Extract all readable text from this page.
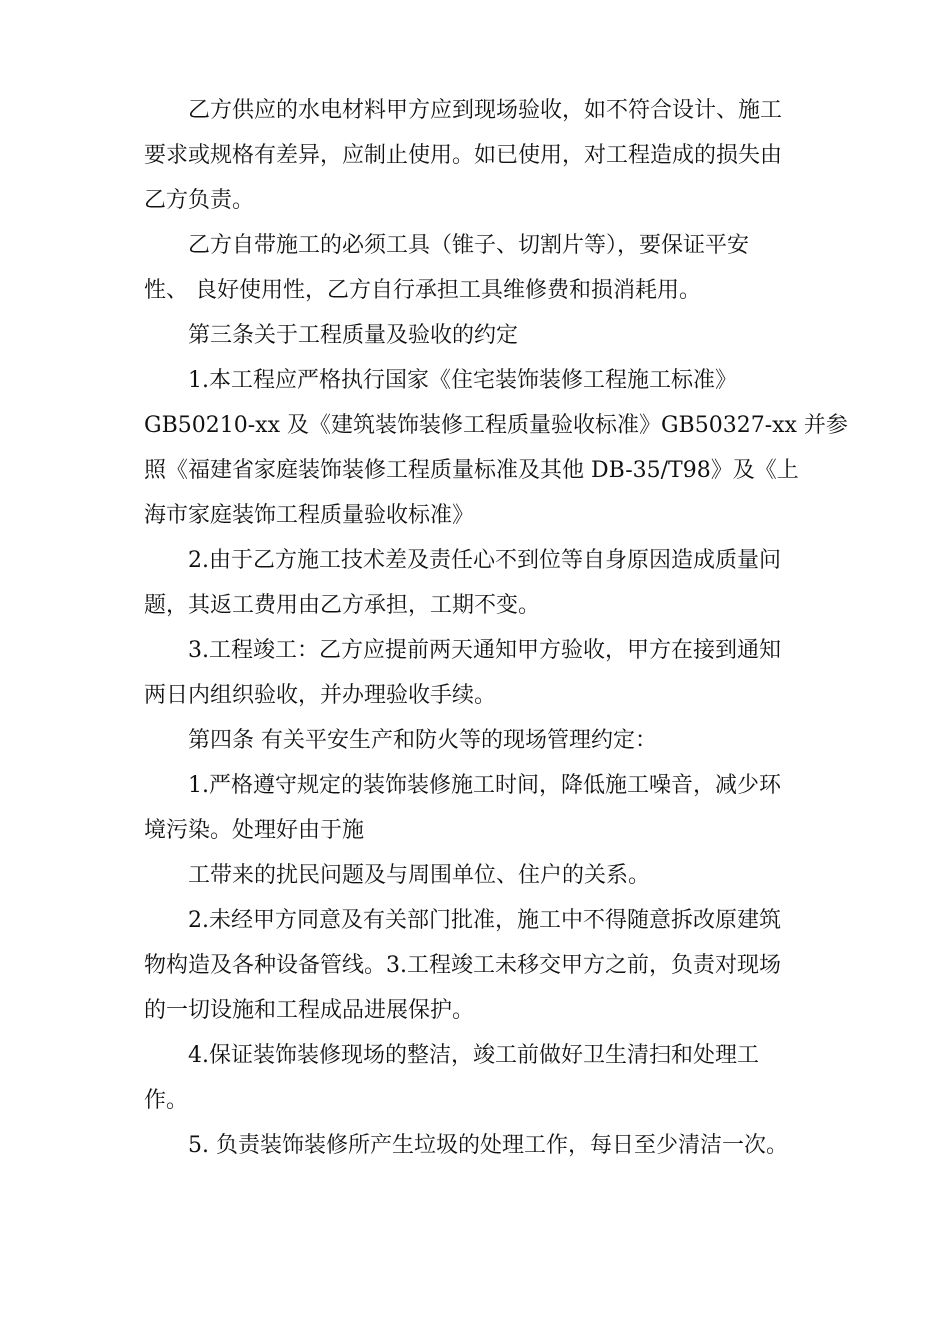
乙方供应的水电材料甲方应到现场验收，如不符合设计、施工
要求或规格有差异，应制止使用。如已使用，对工程造成的损失由
乙方负责。
乙方自带施工的必须工具（锥子、切割片等），要保证平安
性、 良好使用性，乙方自行承担工具维修费和损消耗用。
第三条关于工程质量及验收的约定
1.本工程应严格执行国家《住宅装饰装修工程施工标准》
GB50210-xx 及《建筑装饰装修工程质量验收标准》GB50327-xx 并参
照《福建省家庭装饰装修工程质量标准及其他 DB-35/T98》及《上
海市家庭装饰工程质量验收标准》
2.由于乙方施工技术差及责任心不到位等自身原因造成质量问
题，其返工费用由乙方承担，工期不变。
3.工程竣工：乙方应提前两天通知甲方验收，甲方在接到通知
两日内组织验收，并办理验收手续。
第四条 有关平安生产和防火等的现场管理约定：
1.严格遵守规定的装饰装修施工时间，降低施工噪音，减少环
境污染。处理好由于施
工带来的扰民问题及与周围单位、住户的关系。
2.未经甲方同意及有关部门批准，施工中不得随意拆改原建筑
物构造及各种设备管线。3.工程竣工未移交甲方之前，负责对现场
的一切设施和工程成品进展保护。
4.保证装饰装修现场的整洁，竣工前做好卫生清扫和处理工
作。
5. 负责装饰装修所产生垃圾的处理工作，每日至少清洁一次。
